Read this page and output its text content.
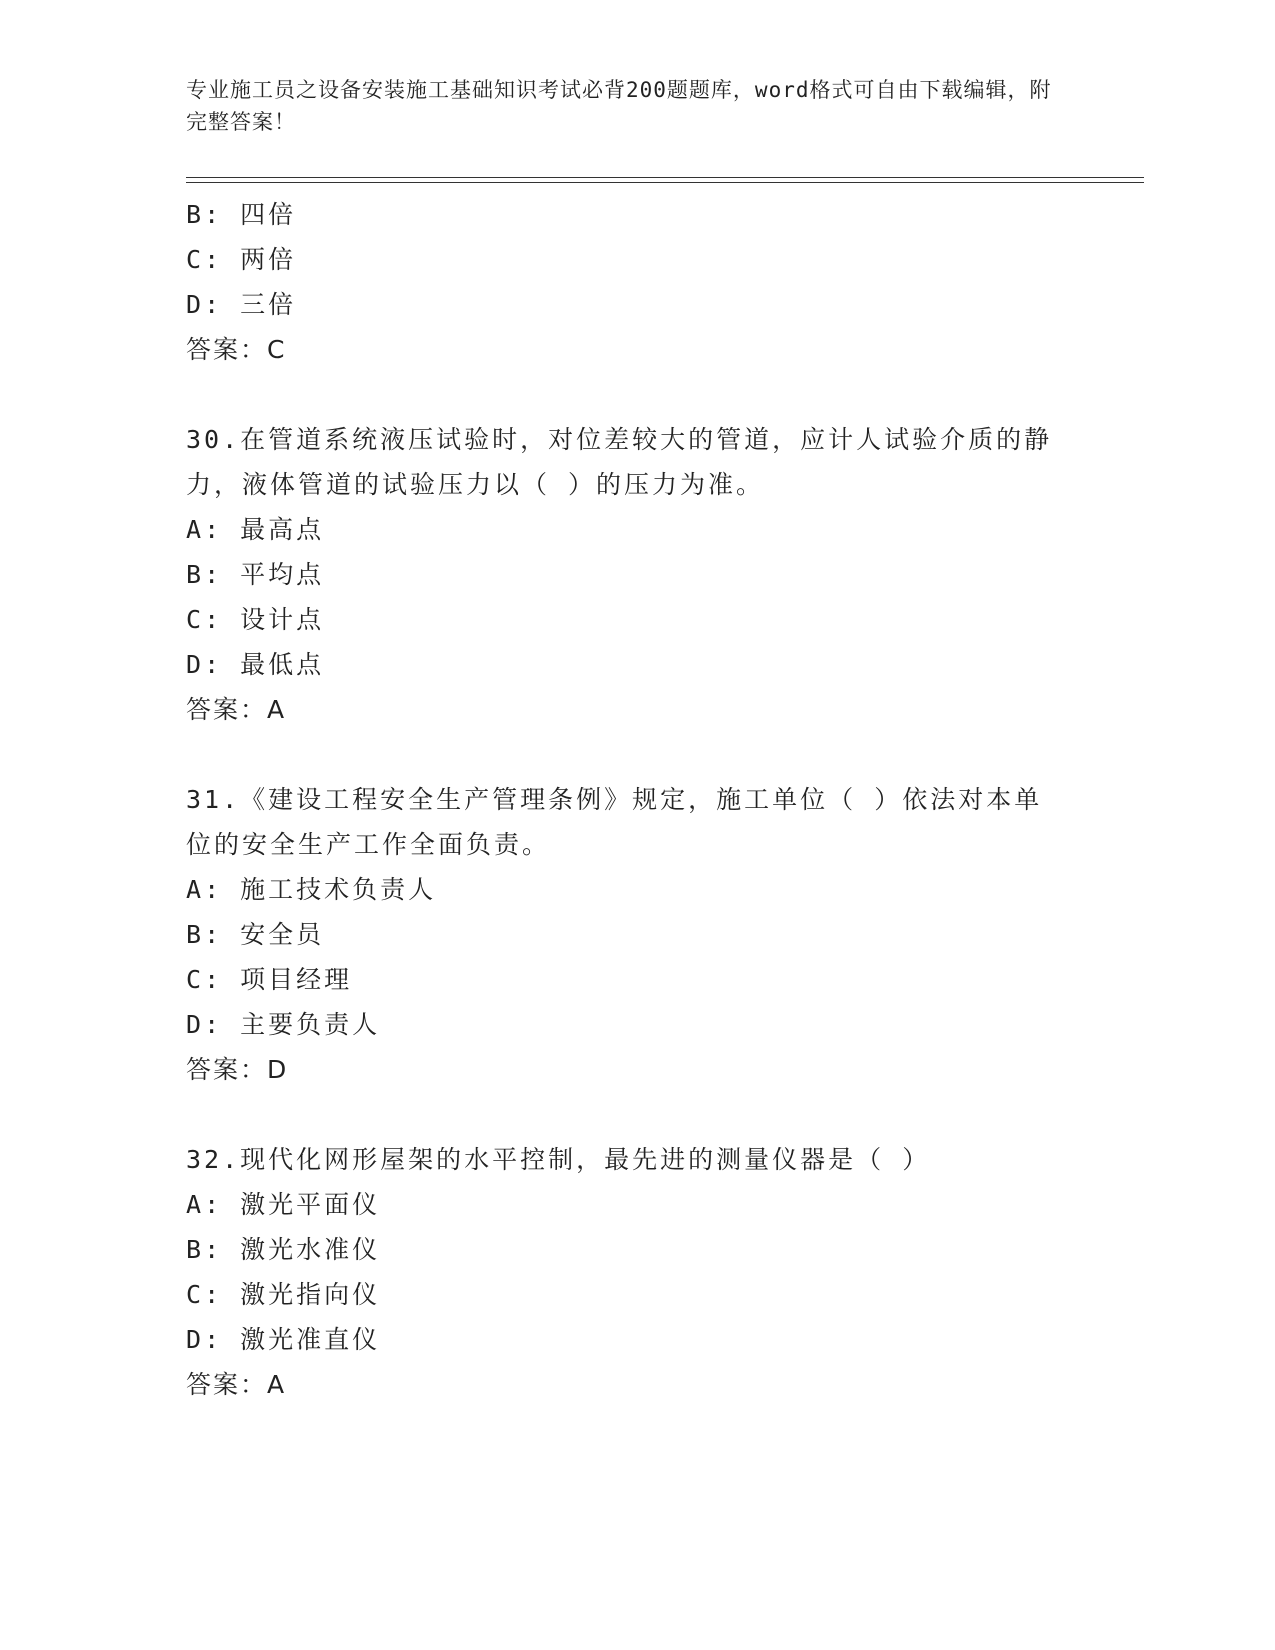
专业施工员之设备安装施工基础知识考试必背200题题库，word格式可自由下载编辑，附完整答案！
B: 四倍
C: 两倍
D: 三倍
答案：C
30.在管道系统液压试验时，对位差较大的管道，应计人试验介质的静力，液体管道的试验压力以（ ）的压力为准。
A: 最高点
B: 平均点
C: 设计点
D: 最低点
答案：A
31.《建设工程安全生产管理条例》规定，施工单位（ ）依法对本单位的安全生产工作全面负责。
A: 施工技术负责人
B: 安全员
C: 项目经理
D: 主要负责人
答案：D
32.现代化网形屋架的水平控制，最先进的测量仪器是（ ）
A: 激光平面仪
B: 激光水准仪
C: 激光指向仪
D: 激光准直仪
答案：A
